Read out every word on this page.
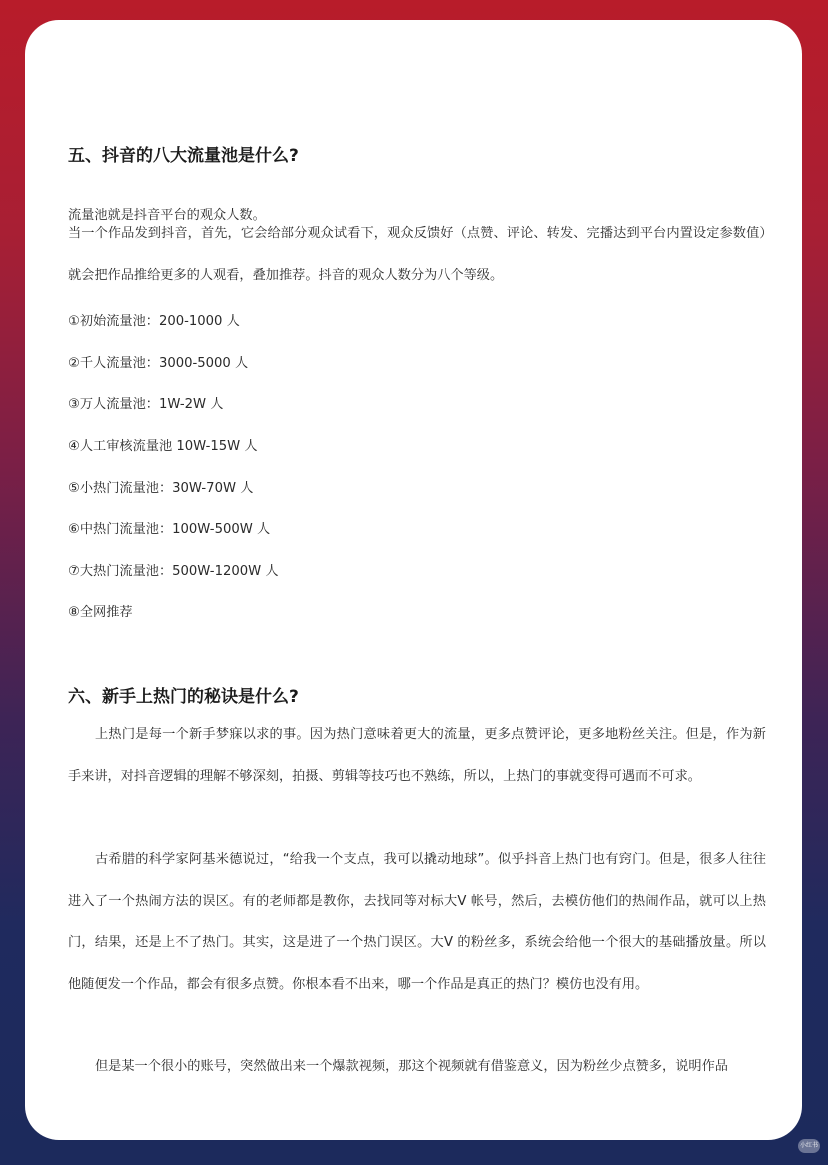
五、抖音的八大流量池是什么?

流量池就是抖音平台的观众人数。

当一个作品发到抖音，首先，它会给部分观众试看下，观众反馈好（点赞、评论、转发、完播达到平台内置设定参数值）就会把作品推给更多的人观看，叠加推荐。抖音的观众人数分为八个等级。

①初始流量池：200-1000 人

②千人流量池：3000-5000 人

③万人流量池：1W-2W 人

④人工审核流量池 10W-15W 人

⑤小热门流量池：30W-70W 人

⑥中热门流量池：100W-500W 人

⑦大热门流量池：500W-1200W 人

⑧全网推荐

六、新手上热门的秘诀是什么?

上热门是每一个新手梦寐以求的事。因为热门意味着更大的流量，更多点赞评论，更多地粉丝关注。但是，作为新手来讲，对抖音逻辑的理解不够深刻，拍摄、剪辑等技巧也不熟练，所以，上热门的事就变得可遇而不可求。

古希腊的科学家阿基米德说过，“给我一个支点，我可以撬动地球”。似乎抖音上热门也有窍门。但是，很多人往往进入了一个热闹方法的误区。有的老师都是教你，去找同等对标大V 帐号，然后，去模仿他们的热闹作品，就可以上热门，结果，还是上不了热门。其实，这是进了一个热门误区。大V 的粉丝多，系统会给他一个很大的基础播放量。所以他随便发一个作品，都会有很多点赞。你根本看不出来，哪一个作品是真正的热门？模仿也没有用。

但是某一个很小的账号，突然做出来一个爆款视频，那这个视频就有借鉴意义，因为粉丝少点赞多，说明作品

小红书
